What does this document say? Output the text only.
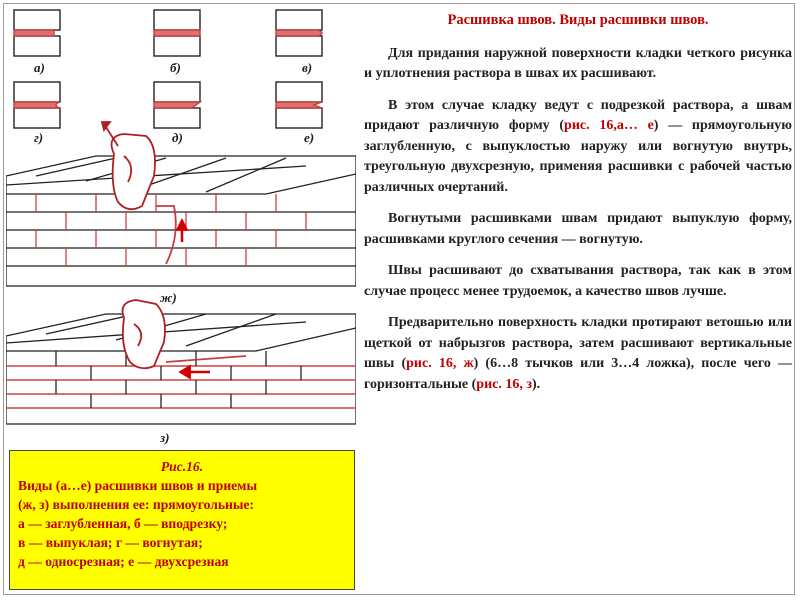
а)	б)	в)
г)	д)	е)
ж)
з)
Рис.16.
Виды (а…е) расшивки швов и приемы
(ж, з) выполнения ее: прямоугольные:
а — заглубленная, б — вподрезку;
в — выпуклая; г — вогнутая;
д — односрезная; е — двухсрезная
Расшивка швов. Виды расшивки швов.

Для придания наружной поверхности кладки четкого рисунка и уплотнения раствора в швах их расшивают.

В этом случае кладку ведут с подрезкой раствора, а швам придают различную форму (рис. 16,а… е) — прямоугольную заглубленную, с выпуклостью наружу или вогнутую внутрь, треугольную двухсрезную, применяя расшивки с рабочей частью различных очертаний.

Вогнутыми расшивками швам придают выпуклую форму, расшивками круглого сечения — вогнутую.

Швы расшивают до схватывания раствора, так как в этом случае процесс менее трудоемок, а качество швов лучше.

Предварительно поверхность кладки протирают ветошью или щеткой от набрызгов раствора, затем расшивают вертикальные швы (рис. 16, ж) (6…8 тычков или 3…4 ложка), после чего — горизонтальные (рис. 16, з).
